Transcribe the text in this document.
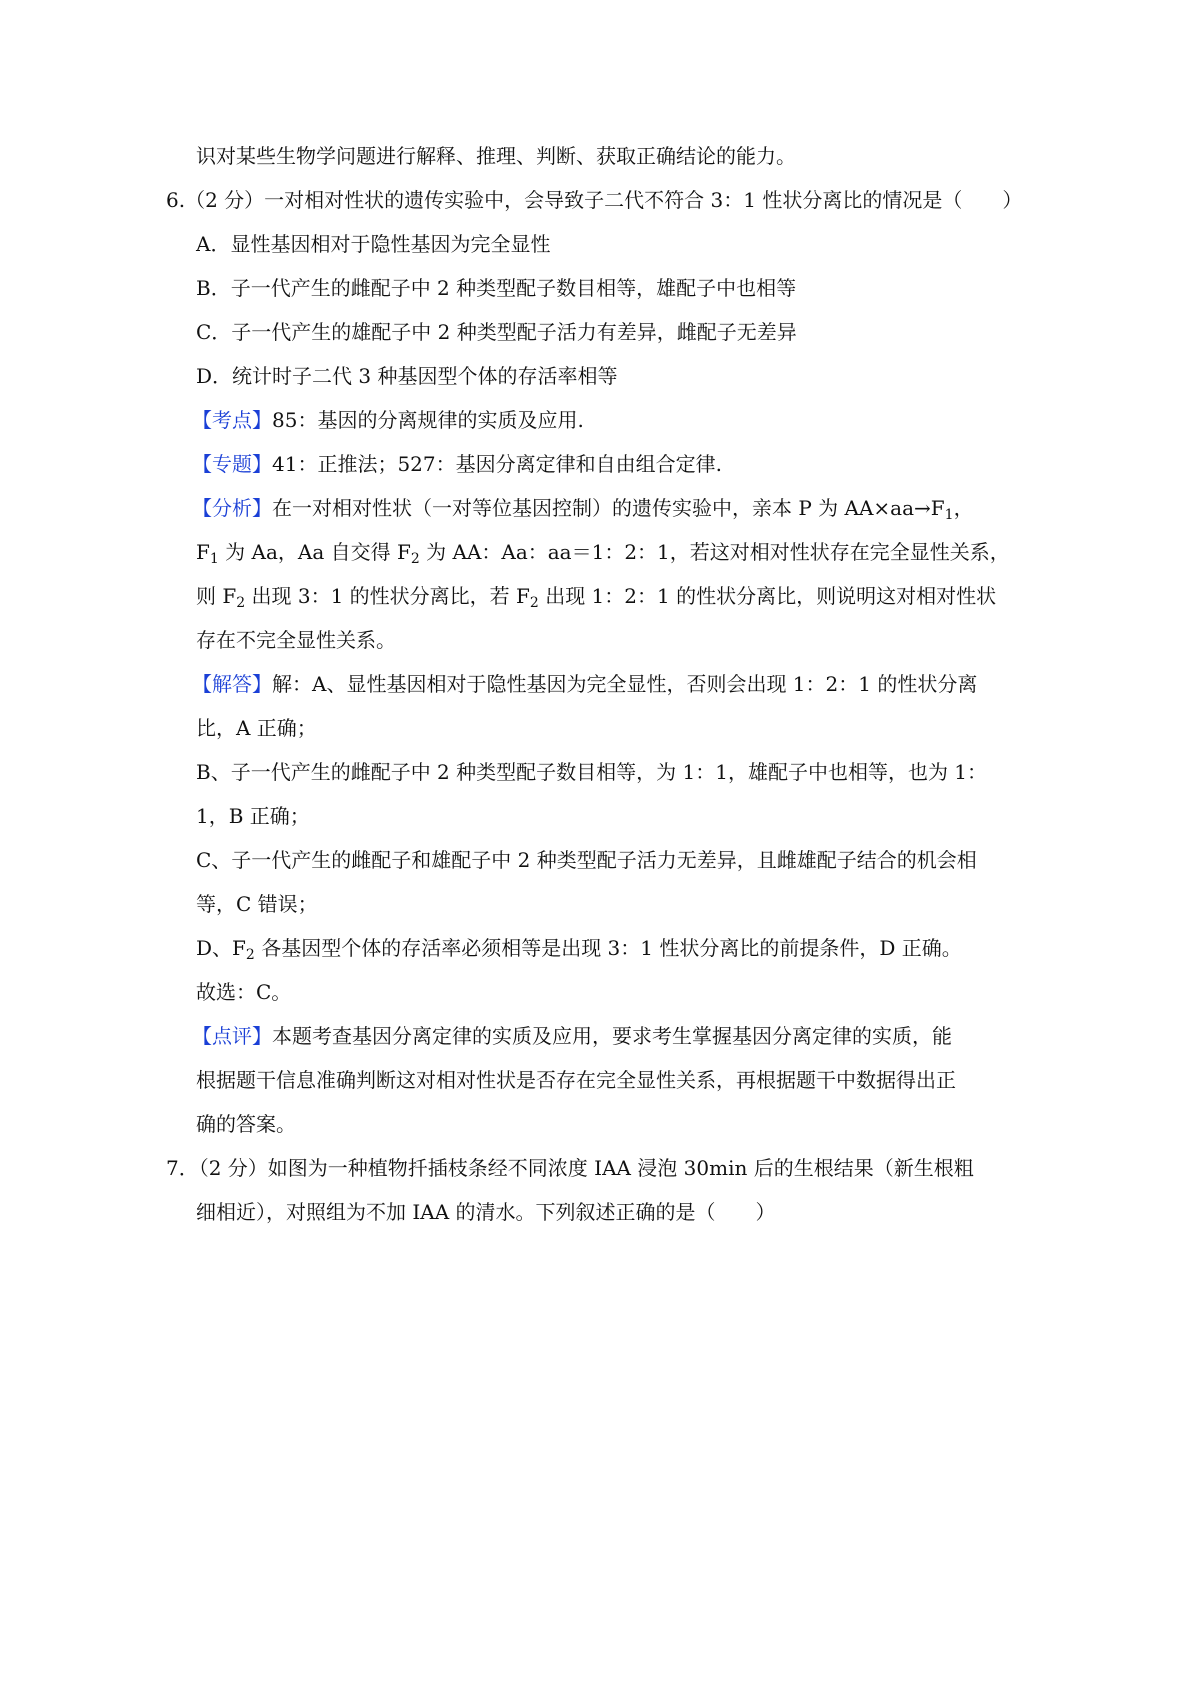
识对某些生物学问题进行解释、推理、判断、获取正确结论的能力。
6.（2 分）一对相对性状的遗传实验中，会导致子二代不符合 3：1 性状分离比的情况是（　　）
A．显性基因相对于隐性基因为完全显性
B．子一代产生的雌配子中 2 种类型配子数目相等，雄配子中也相等
C．子一代产生的雄配子中 2 种类型配子活力有差异，雌配子无差异
D．统计时子二代 3 种基因型个体的存活率相等
【考点】85：基因的分离规律的实质及应用.
【专题】41：正推法；527：基因分离定律和自由组合定律.
【分析】在一对相对性状（一对等位基因控制）的遗传实验中，亲本 P 为 $AA\times aa\to F_1$，
$F_1$ 为 Aa，Aa 自交得 $F_2$ 为 AA：Aa：aa＝1：2：1，若这对相对性状存在完全显性关系，
则 $F_2$ 出现 3：1 的性状分离比，若 $F_2$ 出现 1：2：1 的性状分离比，则说明这对相对性状
存在不完全显性关系。
【解答】解：A、显性基因相对于隐性基因为完全显性，否则会出现 1：2：1 的性状分离
比，A 正确；
B、子一代产生的雌配子中 2 种类型配子数目相等，为 1：1，雄配子中也相等，也为 1：
1，B 正确；
C、子一代产生的雌配子和雄配子中 2 种类型配子活力无差异，且雌雄配子结合的机会相
等，C 错误；
D、$F_2$ 各基因型个体的存活率必须相等是出现 3：1 性状分离比的前提条件，D 正确。
故选：C。
【点评】本题考查基因分离定律的实质及应用，要求考生掌握基因分离定律的实质，能
根据题干信息准确判断这对相对性状是否存在完全显性关系，再根据题干中数据得出正
确的答案。
7．（2 分）如图为一种植物扦插枝条经不同浓度 IAA 浸泡 30min 后的生根结果（新生根粗
细相近），对照组为不加 IAA 的清水。下列叙述正确的是（　　）
